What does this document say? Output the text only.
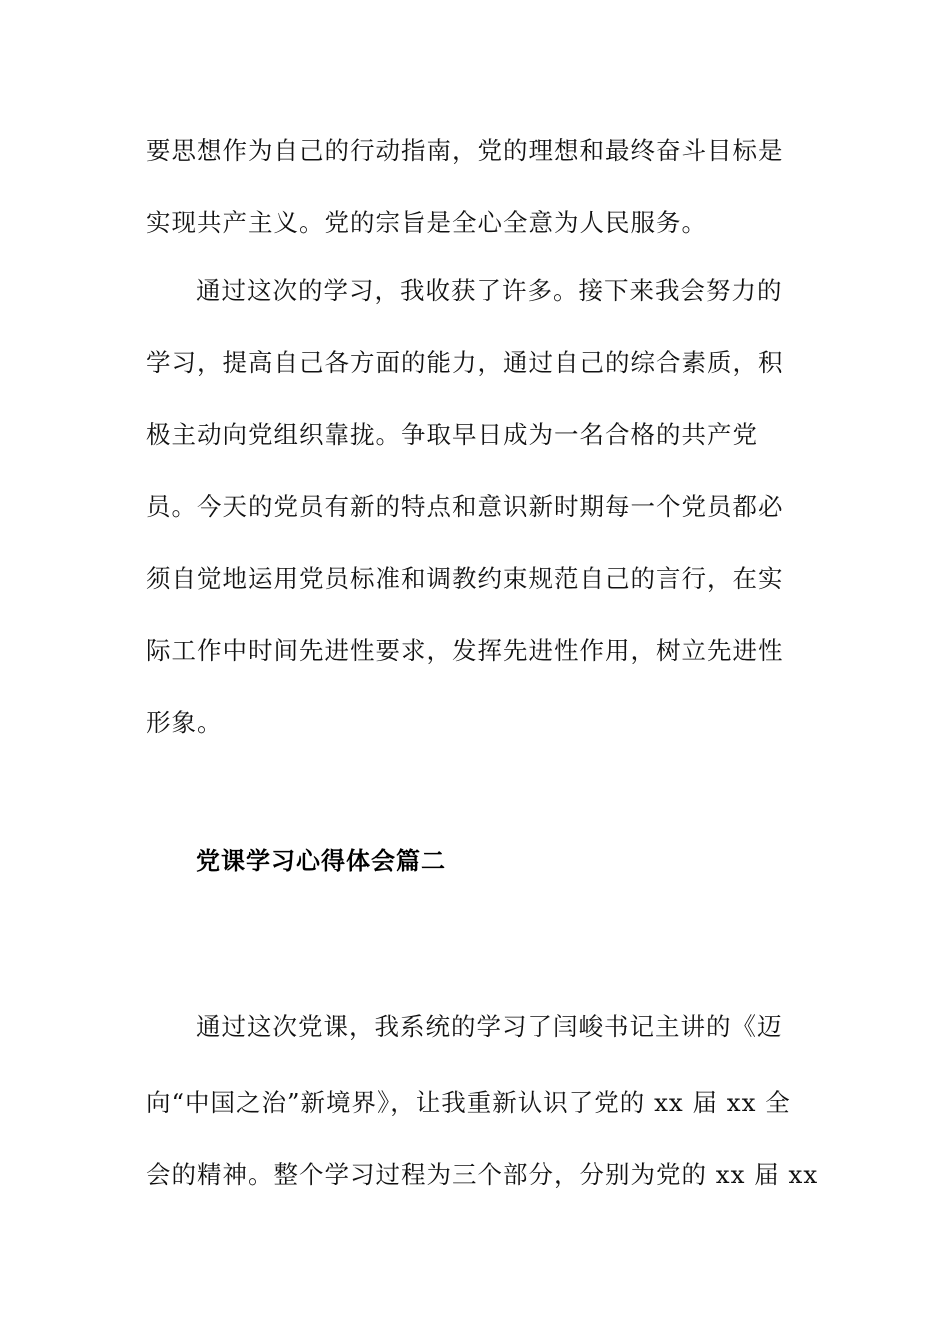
要思想作为自己的行动指南，党的理想和最终奋斗目标是
实现共产主义。党的宗旨是全心全意为人民服务。
通过这次的学习，我收获了许多。接下来我会努力的
学习，提高自己各方面的能力，通过自己的综合素质，积
极主动向党组织靠拢。争取早日成为一名合格的共产党
员。今天的党员有新的特点和意识新时期每一个党员都必
须自觉地运用党员标准和调教约束规范自己的言行，在实
际工作中时间先进性要求，发挥先进性作用，树立先进性
形象。
党课学习心得体会篇二
通过这次党课，我系统的学习了闫峻书记主讲的《迈
向“中国之治”新境界》，让我重新认识了党的 xx 届 xx 全
会的精神。整个学习过程为三个部分，分别为党的 xx 届 xx
